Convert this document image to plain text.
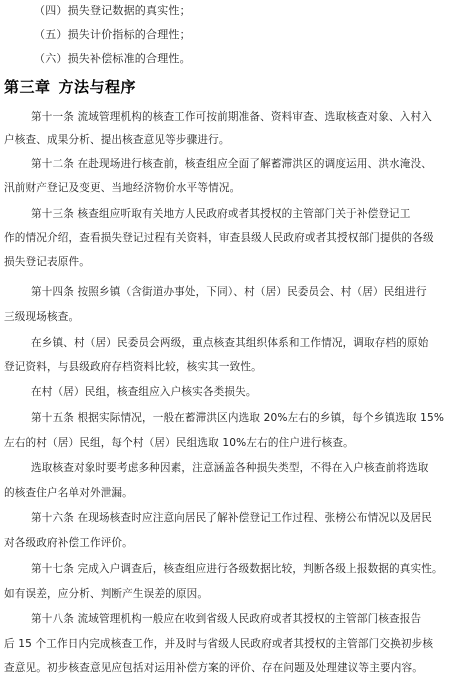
（四）损失登记数据的真实性；
（五）损失计价指标的合理性；
（六）损失补偿标准的合理性。
第三章 方法与程序
第十一条 流域管理机构的核查工作可按前期准备、资料审查、选取核查对象、入村入
户核查、成果分析、提出核查意见等步骤进行。
第十二条 在赴现场进行核查前，核查组应全面了解蓄滞洪区的调度运用、洪水淹没、
汛前财产登记及变更、当地经济物价水平等情况。
第十三条 核查组应听取有关地方人民政府或者其授权的主管部门关于补偿登记工
作的情况介绍，查看损失登记过程有关资料，审查县级人民政府或者其授权部门提供的各级
损失登记表原件。
第十四条 按照乡镇（含街道办事处，下同）、村（居）民委员会、村（居）民组进行
三级现场核查。
在乡镇、村（居）民委员会两级，重点核查其组织体系和工作情况，调取存档的原始
登记资料，与县级政府存档资料比较，核实其一致性。
在村（居）民组，核查组应入户核实各类损失。
第十五条 根据实际情况，一般在蓄滞洪区内选取 20%左右的乡镇，每个乡镇选取 15%
左右的村（居）民组，每个村（居）民组选取 10%左右的住户进行核查。
选取核查对象时要考虑多种因素，注意涵盖各种损失类型，不得在入户核查前将选取
的核查住户名单对外泄漏。
第十六条 在现场核查时应注意向居民了解补偿登记工作过程、张榜公布情况以及居民
对各级政府补偿工作评价。
第十七条 完成入户调查后，核查组应进行各级数据比较，判断各级上报数据的真实性。
如有误差，应分析、判断产生误差的原因。
第十八条 流域管理机构一般应在收到省级人民政府或者其授权的主管部门核查报告
后 15 个工作日内完成核查工作，并及时与省级人民政府或者其授权的主管部门交换初步核
查意见。初步核查意见应包括对运用补偿方案的评价、存在问题及处理建议等主要内容。
